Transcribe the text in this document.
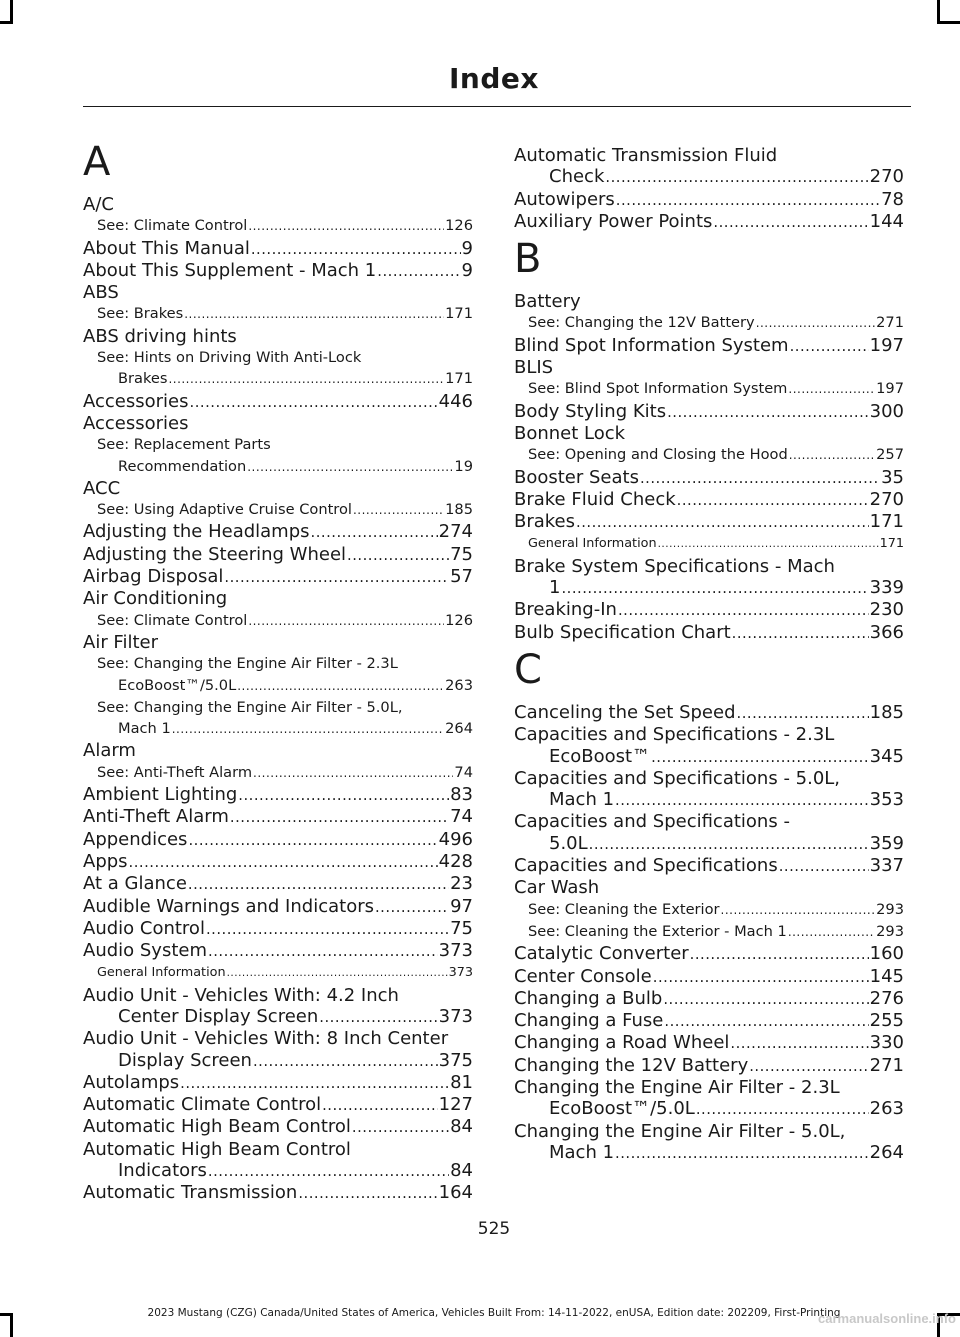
Index
A
A/C
See: Climate Control .....	126
About This Manual .....	9
About This Supplement - Mach 1 .....	9
ABS
See: Brakes .....	171
ABS driving hints
See: Hints on Driving With Anti-Lock
Brakes .....	171
Accessories .....	446
Accessories
See: Replacement Parts
Recommendation .....	19
ACC
See: Using Adaptive Cruise Control .....	185
Adjusting the Headlamps .....	274
Adjusting the Steering Wheel .....	75
Airbag Disposal .....	57
Air Conditioning
See: Climate Control .....	126
Air Filter
See: Changing the Engine Air Filter - 2.3L
EcoBoost™/5.0L .....	263
See: Changing the Engine Air Filter - 5.0L,
Mach 1 .....	264
Alarm
See: Anti-Theft Alarm .....	74
Ambient Lighting .....	83
Anti-Theft Alarm .....	74
Appendices .....	496
Apps .....	428
At a Glance .....	23
Audible Warnings and Indicators .....	97
Audio Control .....	75
Audio System .....	373
General Information .....	373
Audio Unit - Vehicles With: 4.2 Inch
Center Display Screen .....	373
Audio Unit - Vehicles With: 8 Inch Center
Display Screen .....	375
Autolamps .....	81
Automatic Climate Control .....	127
Automatic High Beam Control .....	84
Automatic High Beam Control
Indicators .....	84
Automatic Transmission .....	164
Automatic Transmission Fluid
Check .....	270
Autowipers .....	78
Auxiliary Power Points .....	144
B
Battery
See: Changing the 12V Battery .....	271
Blind Spot Information System .....	197
BLIS
See: Blind Spot Information System .....	197
Body Styling Kits .....	300
Bonnet Lock
See: Opening and Closing the Hood .....	257
Booster Seats .....	35
Brake Fluid Check .....	270
Brakes .....	171
General Information .....	171
Brake System Specifications - Mach
1 .....	339
Breaking-In .....	230
Bulb Specification Chart .....	366
C
Canceling the Set Speed .....	185
Capacities and Specifications - 2.3L
EcoBoost™ .....	345
Capacities and Specifications - 5.0L,
Mach 1 .....	353
Capacities and Specifications -
5.0L .....	359
Capacities and Specifications .....	337
Car Wash
See: Cleaning the Exterior .....	293
See: Cleaning the Exterior - Mach 1 .....	293
Catalytic Converter .....	160
Center Console .....	145
Changing a Bulb .....	276
Changing a Fuse .....	255
Changing a Road Wheel .....	330
Changing the 12V Battery .....	271
Changing the Engine Air Filter - 2.3L
EcoBoost™/5.0L .....	263
Changing the Engine Air Filter - 5.0L,
Mach 1 .....	264
525
2023 Mustang (CZG) Canada/United States of America, Vehicles Built From: 14-11-2022, enUSA, Edition date: 202209, First-Printing
carmanualsonline.info
